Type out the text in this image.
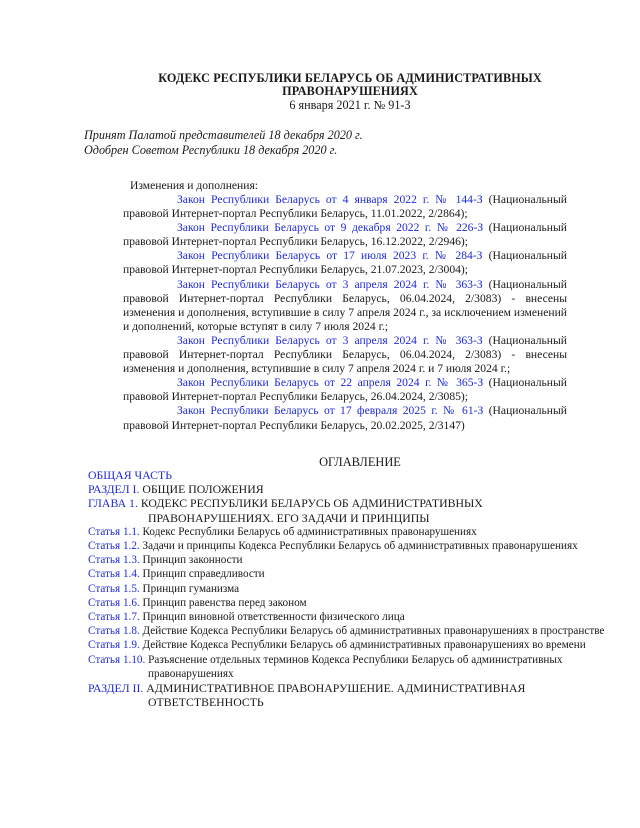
КОДЕКС РЕСПУБЛИКИ БЕЛАРУСЬ ОБ АДМИНИСТРАТИВНЫХ
ПРАВОНАРУШЕНИЯХ
6 января 2021 г. № 91-З
Принят Палатой представителей 18 декабря 2020 г.
Одобрен Советом Республики 18 декабря 2020 г.
Изменения и дополнения:

Закон Республики Беларусь от 4 января 2022 г. № 144-З (Национальный правовой Интернет-портал Республики Беларусь, 11.01.2022, 2/2864);

Закон Республики Беларусь от 9 декабря 2022 г. № 226-З (Национальный правовой Интернет-портал Республики Беларусь, 16.12.2022, 2/2946);

Закон Республики Беларусь от 17 июля 2023 г. № 284-З (Национальный правовой Интернет-портал Республики Беларусь, 21.07.2023, 2/3004);

Закон Республики Беларусь от 3 апреля 2024 г. № 363-З (Национальный правовой Интернет-портал Республики Беларусь, 06.04.2024, 2/3083) - внесены изменения и дополнения, вступившие в силу 7 апреля 2024 г., за исключением изменений и дополнений, которые вступят в силу 7 июля 2024 г.;

Закон Республики Беларусь от 3 апреля 2024 г. № 363-З (Национальный правовой Интернет-портал Республики Беларусь, 06.04.2024, 2/3083) - внесены изменения и дополнения, вступившие в силу 7 апреля 2024 г. и 7 июля 2024 г.;

Закон Республики Беларусь от 22 апреля 2024 г. № 365-З (Национальный правовой Интернет-портал Республики Беларусь, 26.04.2024, 2/3085);

Закон Республики Беларусь от 17 февраля 2025 г. № 61-З (Национальный правовой Интернет-портал Республики Беларусь, 20.02.2025, 2/3147)

ОГЛАВЛЕНИЕ
ОБЩАЯ ЧАСТЬ
РАЗДЕЛ I. ОБЩИЕ ПОЛОЖЕНИЯ
ГЛАВА 1. КОДЕКС РЕСПУБЛИКИ БЕЛАРУСЬ ОБ АДМИНИСТРАТИВНЫХ ПРАВОНАРУШЕНИЯХ. ЕГО ЗАДАЧИ И ПРИНЦИПЫ
Статья 1.1. Кодекс Республики Беларусь об административных правонарушениях
Статья 1.2. Задачи и принципы Кодекса Республики Беларусь об административных правонарушениях
Статья 1.3. Принцип законности
Статья 1.4. Принцип справедливости
Статья 1.5. Принцип гуманизма
Статья 1.6. Принцип равенства перед законом
Статья 1.7. Принцип виновной ответственности физического лица
Статья 1.8. Действие Кодекса Республики Беларусь об административных правонарушениях в пространстве
Статья 1.9. Действие Кодекса Республики Беларусь об административных правонарушениях во времени
Статья 1.10. Разъяснение отдельных терминов Кодекса Республики Беларусь об административных правонарушениях
РАЗДЕЛ II. АДМИНИСТРАТИВНОЕ ПРАВОНАРУШЕНИЕ. АДМИНИСТРАТИВНАЯ ОТВЕТСТВЕННОСТЬ
